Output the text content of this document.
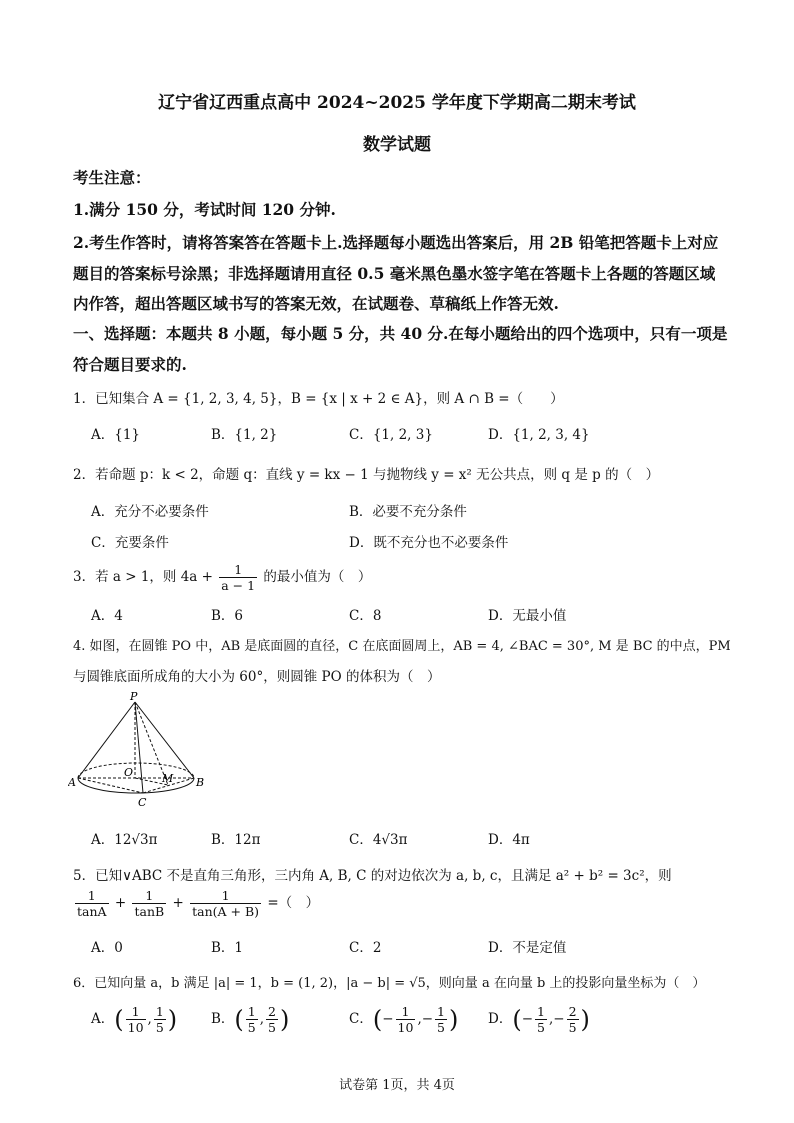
辽宁省辽西重点高中 2024~2025 学年度下学期高二期末考试
数学试题
考生注意：
1.满分 150 分，考试时间 120 分钟.
2.考生作答时，请将答案答在答题卡上.选择题每小题选出答案后，用 2B 铅笔把答题卡上对应
题目的答案标号涂黑；非选择题请用直径 0.5 毫米黑色墨水签字笔在答题卡上各题的答题区域
内作答，超出答题区域书写的答案无效，在试题卷、草稿纸上作答无效.
一、选择题：本题共 8 小题，每小题 5 分，共 40 分.在每小题给出的四个选项中，只有一项是
符合题目要求的.
1．已知集合 A = {1, 2, 3, 4, 5}，B = {x | x + 2 ∈ A}，则 A ∩ B =（　　）
A．{1}	B．{1, 2}	C．{1, 2, 3}	D．{1, 2, 3, 4}
2．若命题 p：k < 2，命题 q：直线 y = kx − 1 与抛物线 y = x² 无公共点，则 q 是 p 的（　）
A．充分不必要条件	B．必要不充分条件
C．充要条件	D．既不充分也不必要条件
3．若 a > 1，则 $4a + \frac{1}{a - 1}$ 的最小值为（　）
A．4	B．6	C．8	D．无最小值
4. 如图，在圆锥 PO 中，AB 是底面圆的直径，C 在底面圆周上，AB = 4, ∠BAC = 30°, M 是 BC 的中点，PM
与圆锥底面所成角的大小为 60°，则圆锥 PO 的体积为（　）
P
O	M
A	B
C
A．12√3π	B．12π	C．4√3π	D．4π
5．已知∨ABC 不是直角三角形，三内角 A, B, C 的对边依次为 a, b, c，且满足 a² + b² = 3c²，则
$\frac{1}{\tan A} + \frac{1}{\tan B} + \frac{1}{\tan(A + B)}$ =（　）
A．0	B．1	C．2	D．不是定值
6．已知向量 a，b 满足 |a| = 1，b = (1, 2)，|a − b| = √5，则向量 a 在向量 b 上的投影向量坐标为（　）
A．( $\frac{1}{10}$ , $\frac{1}{5}$ )	B．( $\frac{1}{5}$ , $\frac{2}{5}$ )	C．(− $\frac{1}{10}$ ,− $\frac{1}{5}$ ) D．(− $\frac{1}{5}$ ,− $\frac{2}{5}$ )
试卷第 1页，共 4页
